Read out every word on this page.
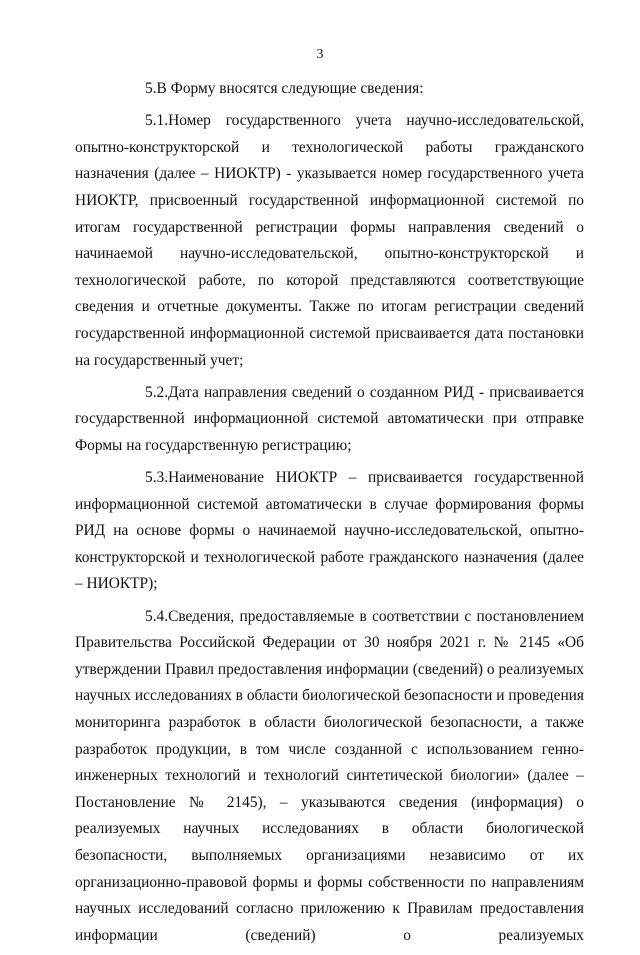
3

5.В Форму вносятся следующие сведения:

5.1.Номер государственного учета научно-исследовательской, опытно-конструкторской и технологической работы гражданского назначения (далее – НИОКТР) - указывается номер государственного учета НИОКТР, присвоенный государственной информационной системой по итогам государственной регистрации формы направления сведений о начинаемой научно-исследовательской, опытно-конструкторской и технологической работе, по которой представляются соответствующие сведения и отчетные документы. Также по итогам регистрации сведений государственной информационной системой присваивается дата постановки на государственный учет;

5.2.Дата направления сведений о созданном РИД - присваивается государственной информационной системой автоматически при отправке Формы на государственную регистрацию;

5.3.Наименование НИОКТР – присваивается государственной информационной системой автоматически в случае формирования формы РИД на основе формы о начинаемой научно-исследовательской, опытно-конструкторской и технологической работе гражданского назначения (далее – НИОКТР);

5.4.Сведения, предоставляемые в соответствии с постановлением Правительства Российской Федерации от 30 ноября 2021 г. № 2145 «Об утверждении Правил предоставления информации (сведений) о реализуемых научных исследованиях в области биологической безопасности и проведения мониторинга разработок в области биологической безопасности, а также разработок продукции, в том числе созданной с использованием генно-инженерных технологий и технологий синтетической биологии» (далее – Постановление № 2145), – указываются сведения (информация) о реализуемых научных исследованиях в области биологической безопасности, выполняемых организациями независимо от их организационно-правовой формы и формы собственности по направлениям научных исследований согласно приложению к Правилам предоставления информации (сведений) о реализуемых
